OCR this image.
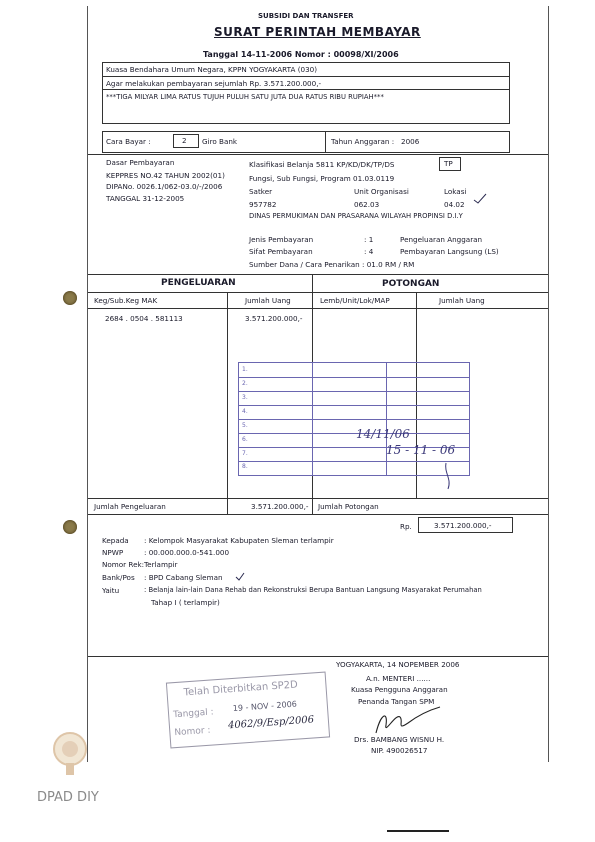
SUBSIDI DAN TRANSFER
SURAT PERINTAH MEMBAYAR
Tanggal 14-11-2006 Nomor : 00098/XI/2006
Kuasa Bendahara Umum Negara, KPPN YOGYAKARTA (030)
Agar melakukan pembayaran sejumlah Rp. 3.571.200.000,-
***TIGA MILYAR LIMA RATUS TUJUH PULUH SATU JUTA DUA RATUS RIBU RUPIAH***
Cara Bayar :	2 Giro Bank	Tahun Anggaran : 2006
Dasar Pembayaran
KEPPRES NO.42 TAHUN 2002(01)
DIPANo. 0026.1/062-03.0/-/2006
TANGGAL 31-12-2005
Klasifikasi Belanja 5811 KP/KD/DK/TP/DS	TP
Fungsi, Sub Fungsi, Program 01.03.0119
Satker	Unit Organisasi	Lokasi
957782	062.03	04.02
DINAS PERMUKIMAN DAN PRASARANA WILAYAH PROPINSI D.I.Y
Jenis Pembayaran	: 1	Pengeluaran Anggaran
Sifat Pembayaran	: 4	Pembayaran Langsung (LS)
Sumber Dana / Cara Penarikan : 01.0 RM / RM
PENGELUARAN	POTONGAN
Keg/Sub.Keg MAK	Jumlah Uang	Lemb/Unit/Lok/MAP	Jumlah Uang
2684 . 0504 . 581113	3.571.200.000,-
1.
2.
3.
4.
5.
6.
7.
8.
14/11/06
15 - 11 - 06
Jumlah Pengeluaran	3.571.200.000,- Jumlah Potongan
Rp.	3.571.200.000,-
Kepada : Kelompok Masyarakat Kabupaten Sleman terlampir
NPWP	: 00.000.000.0-541.000
Nomor Rek: Terlampir
Bank/Pos : BPD Cabang Sleman
Yaitu	: Belanja lain-lain Dana Rehab dan Rekonstruksi Berupa Bantuan Langsung Masyarakat Perumahan
Tahap I ( terlampir)
YOGYAKARTA, 14 NOPEMBER 2006
A.n. MENTERI ......
Kuasa Pengguna Anggaran
Penanda Tangan SPM
Drs. BAMBANG WISNU H.
NIP. 490026517
Telah Diterbitkan SP2D
Tanggal :
19 - NOV - 2006
Nomor :
4062/9/Esp/2006
DPAD DIY
